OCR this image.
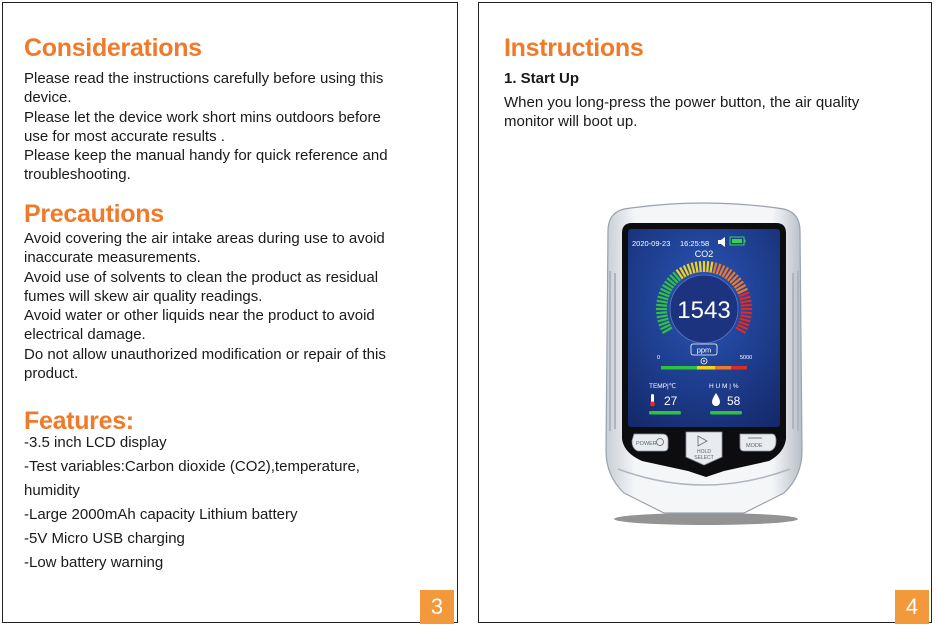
Considerations
Please read the instructions carefully before using this
device.
Please let the device work short mins outdoors before
use for most accurate results .
Please keep the manual handy for quick reference and
troubleshooting.
Precautions
Avoid covering the air intake areas during use to avoid
inaccurate measurements.
Avoid use of solvents to clean the product as residual
fumes will skew air quality readings.
Avoid water or other liquids near the product to avoid
electrical damage.
Do not allow unauthorized modification or repair of this
product.
Features:
-3.5 inch LCD display
-Test variables:Carbon dioxide (CO2),temperature,
humidity
-Large 2000mAh capacity Lithium battery
-5V Micro USB charging
-Low battery warning
3
Instructions
1. Start Up
When you long-press the power button, the air quality
monitor will boot up.
2020-09-23 16:25:58
CO2
1543
ppm
0	5000
TEMP|℃	H U M | %
27	58
POWER
HOLD
SELECT
MODE
4
